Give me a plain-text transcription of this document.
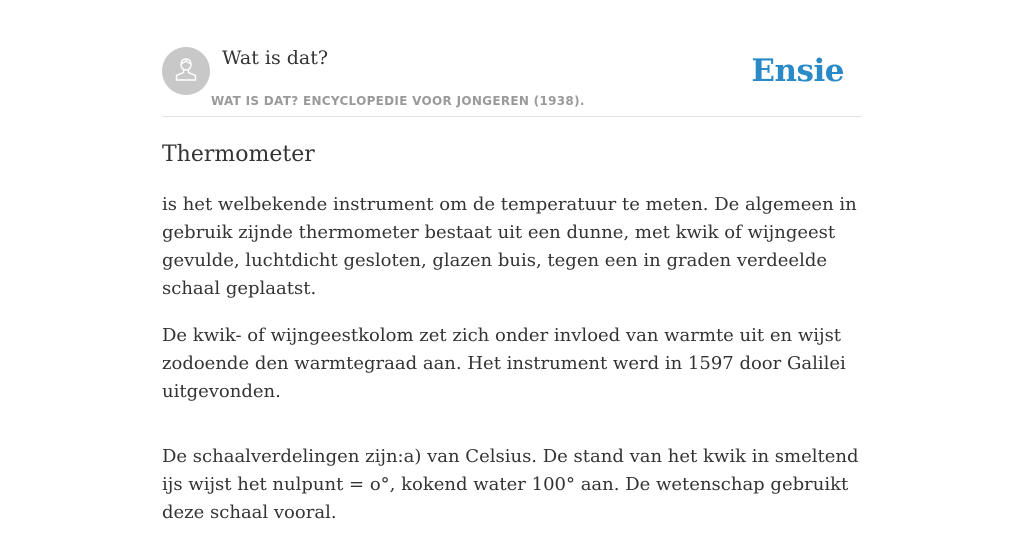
Wat is dat?
WAT IS DAT? ENCYCLOPEDIE VOOR JONGEREN (1938).
Ensie
Thermometer

is het welbekende instrument om de temperatuur te meten. De algemeen in gebruik zijnde thermometer bestaat uit een dunne, met kwik of wijngeest gevulde, luchtdicht gesloten, glazen buis, tegen een in graden verdeelde schaal geplaatst.

De kwik- of wijngeestkolom zet zich onder invloed van warmte uit en wijst zodoende den warmtegraad aan. Het instrument werd in 1597 door Galilei uitgevonden.

De schaalverdelingen zijn:a) van Celsius. De stand van het kwik in smeltend ijs wijst het nulpunt = o°, kokend water 100° aan. De wetenschap gebruikt deze schaal vooral.
